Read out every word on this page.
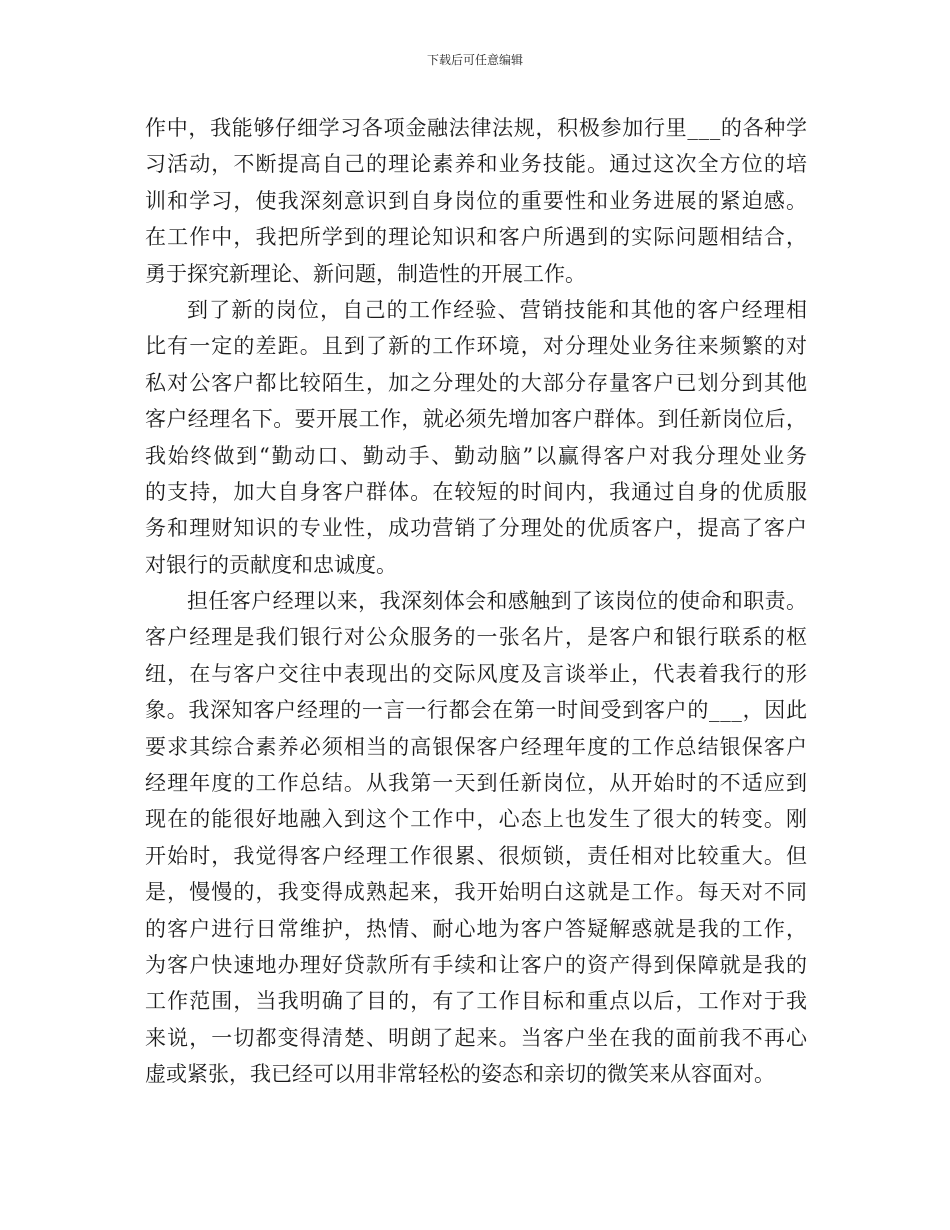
下载后可任意编辑
作中，我能够仔细学习各项金融法律法规，积极参加行里___的各种学
习活动，不断提高自己的理论素养和业务技能。通过这次全方位的培
训和学习，使我深刻意识到自身岗位的重要性和业务进展的紧迫感。
在工作中，我把所学到的理论知识和客户所遇到的实际问题相结合，
勇于探究新理论、新问题，制造性的开展工作。
到了新的岗位，自己的工作经验、营销技能和其他的客户经理相
比有一定的差距。且到了新的工作环境，对分理处业务往来频繁的对
私对公客户都比较陌生，加之分理处的大部分存量客户已划分到其他
客户经理名下。要开展工作，就必须先增加客户群体。到任新岗位后，
我始终做到“勤动口、勤动手、勤动脑”以赢得客户对我分理处业务
的支持，加大自身客户群体。在较短的时间内，我通过自身的优质服
务和理财知识的专业性，成功营销了分理处的优质客户，提高了客户
对银行的贡献度和忠诚度。
担任客户经理以来，我深刻体会和感触到了该岗位的使命和职责。
客户经理是我们银行对公众服务的一张名片，是客户和银行联系的枢
纽，在与客户交往中表现出的交际风度及言谈举止，代表着我行的形
象。我深知客户经理的一言一行都会在第一时间受到客户的___，因此
要求其综合素养必须相当的高银保客户经理年度的工作总结银保客户
经理年度的工作总结。从我第一天到任新岗位，从开始时的不适应到
现在的能很好地融入到这个工作中，心态上也发生了很大的转变。刚
开始时，我觉得客户经理工作很累、很烦锁，责任相对比较重大。但
是，慢慢的，我变得成熟起来，我开始明白这就是工作。每天对不同
的客户进行日常维护，热情、耐心地为客户答疑解惑就是我的工作，
为客户快速地办理好贷款所有手续和让客户的资产得到保障就是我的
工作范围，当我明确了目的，有了工作目标和重点以后，工作对于我
来说，一切都变得清楚、明朗了起来。当客户坐在我的面前我不再心
虚或紧张，我已经可以用非常轻松的姿态和亲切的微笑来从容面对。
